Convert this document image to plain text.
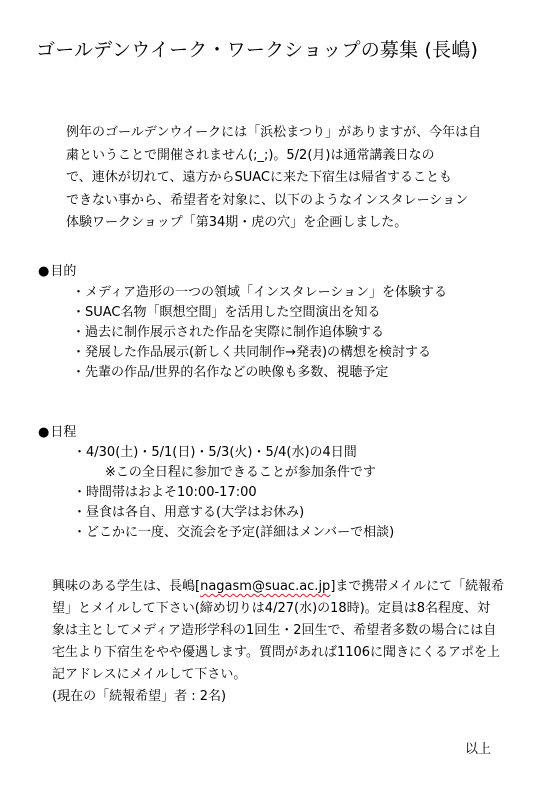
ゴールデンウイーク・ワークショップの募集 (長嶋)
例年のゴールデンウイークには「浜松まつり」がありますが、今年は自
粛ということで開催されません(;_;)。5/2(月)は通常講義日なの
で、連休が切れて、遠方からSUACに来た下宿生は帰省することも
できない事から、希望者を対象に、以下のようなインスタレーション
体験ワークショップ「第34期・虎の穴」を企画しました。
●目的
・メディア造形の一つの領域「インスタレーション」を体験する
・SUAC名物「瞑想空間」を活用した空間演出を知る
・過去に制作展示された作品を実際に制作追体験する
・発展した作品展示(新しく共同制作→発表)の構想を検討する
・先輩の作品/世界的名作などの映像も多数、視聴予定
●日程
・4/30(土)・5/1(日)・5/3(火)・5/4(水)の4日間
※この全日程に参加できることが参加条件です
・時間帯はおよそ10:00-17:00
・昼食は各自、用意する(大学はお休み)
・どこかに一度、交流会を予定(詳細はメンバーで相談)
興味のある学生は、長嶋[nagasm@suac.ac.jp]まで携帯メイルにて「続報希
望」とメイルして下さい(締め切りは4/27(水)の18時)。定員は8名程度、対
象は主としてメディア造形学科の1回生・2回生で、希望者多数の場合には自
宅生より下宿生をやや優遇します。質問があれば1106に聞きにくるアポを上
記アドレスにメイルして下さい。
(現在の「続報希望」者 : 2名)
以上
